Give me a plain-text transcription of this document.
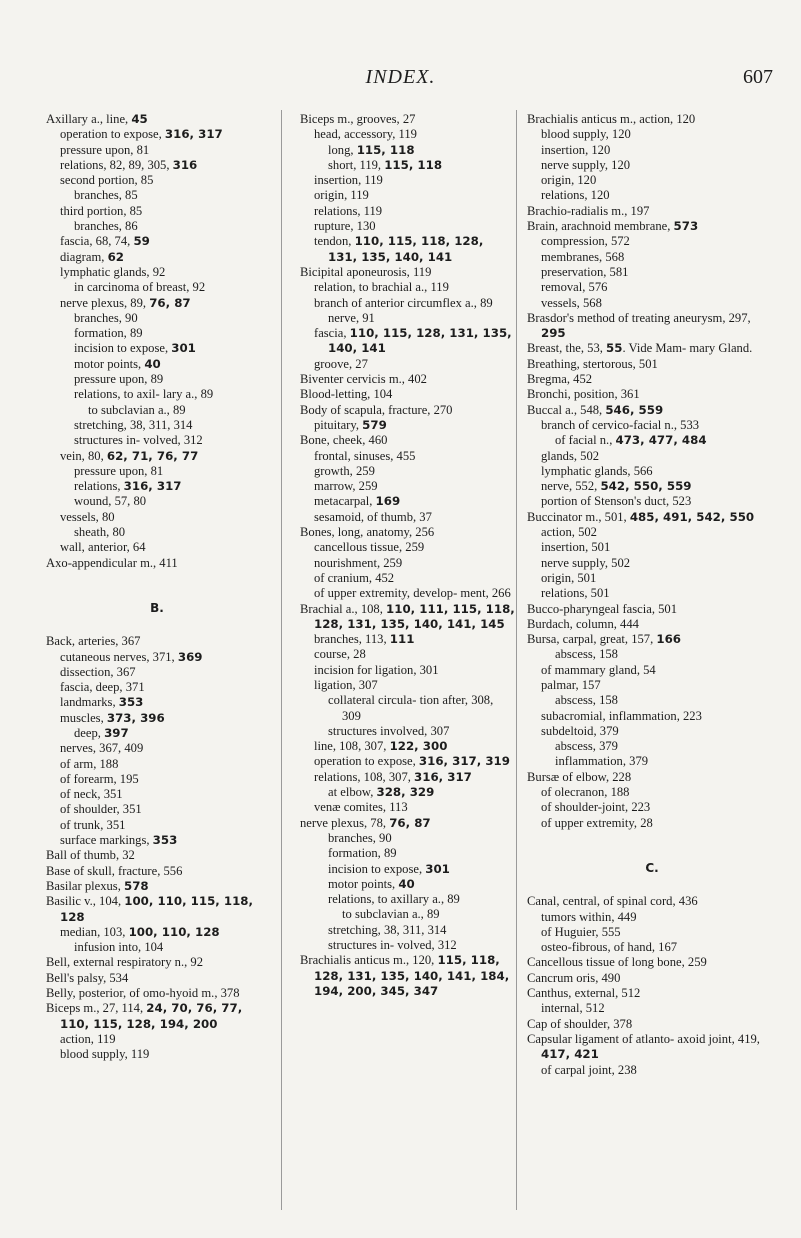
INDEX.	607

Axillary a., line, 45

operation to expose, 316, 317

pressure upon, 81

relations, 82, 89, 305, 316

second portion, 85

branches, 85

third portion, 85

branches, 86

fascia, 68, 74, 59

diagram, 62

lymphatic glands, 92

in carcinoma of breast, 92

nerve plexus, 89, 76, 87

branches, 90

formation, 89

incision to expose, 301

motor points, 40

pressure upon, 89

relations, to axil- lary a., 89

to subclavian a., 89

stretching, 38, 311, 314

structures in- volved, 312

vein, 80, 62, 71, 76, 77

pressure upon, 81

relations, 316, 317

wound, 57, 80

vessels, 80

sheath, 80

wall, anterior, 64

Axo-appendicular m., 411

B.

Back, arteries, 367

cutaneous nerves, 371, 369

dissection, 367

fascia, deep, 371

landmarks, 353

muscles, 373, 396

deep, 397

nerves, 367, 409

of arm, 188

of forearm, 195

of neck, 351

of shoulder, 351

of trunk, 351

surface markings, 353

Ball of thumb, 32

Base of skull, fracture, 556

Basilar plexus, 578

Basilic v., 104, 100, 110, 115, 118, 128

median, 103, 100, 110, 128

infusion into, 104

Bell, external respiratory n., 92

Bell's palsy, 534

Belly, posterior, of omo-hyoid m., 378

Biceps m., 27, 114, 24, 70, 76, 77, 110, 115, 128, 194, 200

action, 119

blood supply, 119

Biceps m., grooves, 27

head, accessory, 119

long, 115, 118

short, 119, 115, 118

insertion, 119

origin, 119

relations, 119

rupture, 130

tendon, 110, 115, 118, 128, 131, 135, 140, 141

Bicipital aponeurosis, 119

relation, to brachial a., 119

branch of anterior circumflex a., 89

nerve, 91

fascia, 110, 115, 128, 131, 135, 140, 141

groove, 27

Biventer cervicis m., 402

Blood-letting, 104

Body of scapula, fracture, 270

pituitary, 579

Bone, cheek, 460

frontal, sinuses, 455

growth, 259

marrow, 259

metacarpal, 169

sesamoid, of thumb, 37

Bones, long, anatomy, 256

cancellous tissue, 259

nourishment, 259

of cranium, 452

of upper extremity, develop- ment, 266

Brachial a., 108, 110, 111, 115, 118, 128, 131, 135, 140, 141, 145

branches, 113, 111

course, 28

incision for ligation, 301

ligation, 307

collateral circula- tion after, 308, 309

structures involved, 307

line, 108, 307, 122, 300

operation to expose, 316, 317, 319

relations, 108, 307, 316, 317

at elbow, 328, 329

venæ comites, 113

nerve plexus, 78, 76, 87

branches, 90

formation, 89

incision to expose, 301

motor points, 40

relations, to axillary a., 89

to subclavian a., 89

stretching, 38, 311, 314

structures in- volved, 312

Brachialis anticus m., 120, 115, 118, 128, 131, 135, 140, 141, 184, 194, 200, 345, 347

Brachialis anticus m., action, 120

blood supply, 120

insertion, 120

nerve supply, 120

origin, 120

relations, 120

Brachio-radialis m., 197

Brain, arachnoid membrane, 573

compression, 572

membranes, 568

preservation, 581

removal, 576

vessels, 568

Brasdor's method of treating aneurysm, 297, 295

Breast, the, 53, 55. Vide Mam- mary Gland.

Breathing, stertorous, 501

Bregma, 452

Bronchi, position, 361

Buccal a., 548, 546, 559

branch of cervico-facial n., 533

of facial n., 473, 477, 484

glands, 502

lymphatic glands, 566

nerve, 552, 542, 550, 559

portion of Stenson's duct, 523

Buccinator m., 501, 485, 491, 542, 550

action, 502

insertion, 501

nerve supply, 502

origin, 501

relations, 501

Bucco-pharyngeal fascia, 501

Burdach, column, 444

Bursa, carpal, great, 157, 166

abscess, 158

of mammary gland, 54

palmar, 157

abscess, 158

subacromial, inflammation, 223

subdeltoid, 379

abscess, 379

inflammation, 379

Bursæ of elbow, 228

of olecranon, 188

of shoulder-joint, 223

of upper extremity, 28

C.

Canal, central, of spinal cord, 436

tumors within, 449

of Huguier, 555

osteo-fibrous, of hand, 167

Cancellous tissue of long bone, 259

Cancrum oris, 490

Canthus, external, 512

internal, 512

Cap of shoulder, 378

Capsular ligament of atlanto- axoid joint, 419, 417, 421

of carpal joint, 238
